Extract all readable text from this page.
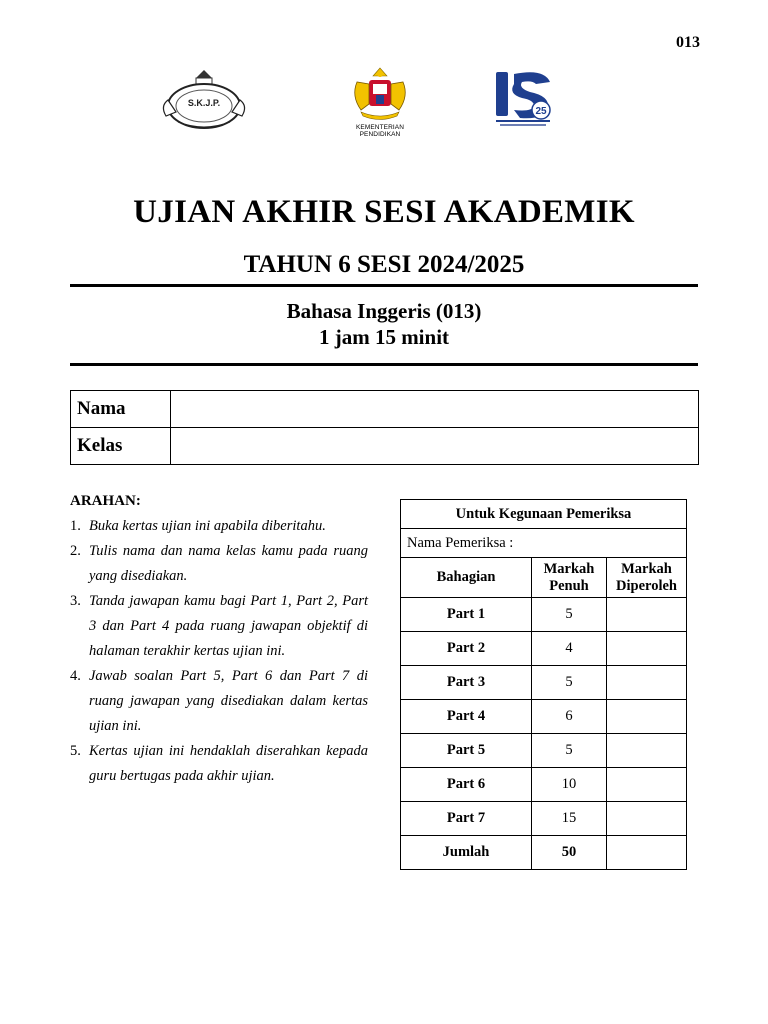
013
S.K.J.P.
KEMENTERIAN PENDIDIKAN
25
UJIAN AKHIR SESI AKADEMIK
TAHUN 6 SESI 2024/2025
Bahasa Inggeris (013)
1 jam 15 minit
Nama	
Kelas	
ARAHAN:
1. Buka kertas ujian ini apabila diberitahu.
2. Tulis nama dan nama kelas kamu pada ruang yang disediakan.
3. Tanda jawapan kamu bagi Part 1, Part 2, Part 3 dan Part 4 pada ruang jawapan objektif di halaman terakhir kertas ujian ini.
4. Jawab soalan Part 5, Part 6 dan Part 7 di ruang jawapan yang disediakan dalam kertas ujian ini.
5. Kertas ujian ini hendaklah diserahkan kepada guru bertugas pada akhir ujian.
Untuk Kegunaan Pemeriksa		
Nama Pemeriksa :		
Bahagian	Markah Penuh	Markah Diperoleh
Part 1	5	
Part 2	4	
Part 3	5	
Part 4	6	
Part 5	5	
Part 6	10	
Part 7	15	
Jumlah	50	
